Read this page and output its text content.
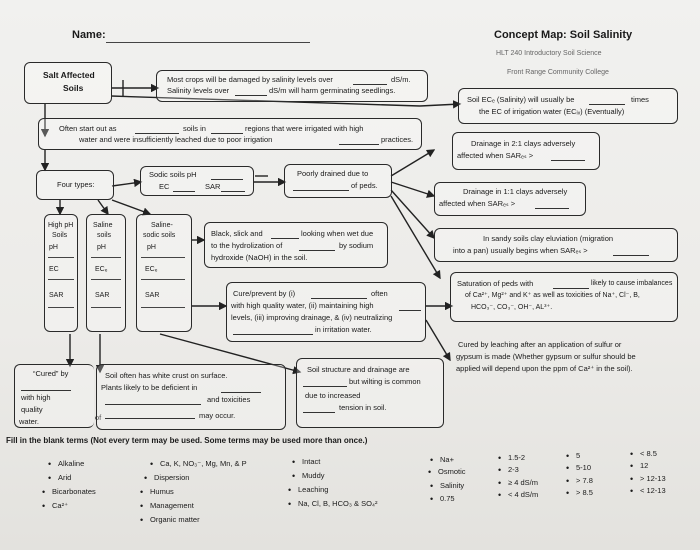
Name:	Concept Map: Soil Salinity
HLT 240 Introductory Soil Science
Front Range Community College
Salt Affected
Soils
Most crops will be damaged by salinity levels over	dS/m.
Salinity levels over	dS/m will harm germinating seedlings.
Soil ECₑ (Salinity) will usually be	times
the EC of irrigation water (ECᵢᵥ) (Eventually)
Often start out as	soils in	regions that were irrigated with high
water and were insufficiently leached due to poor irrigation	practices.	Drainage in 2:1 clays adversely
affected when SARₑₛ >
Four types:
Sodic soils pH
EC	SAR
Poorly drained due to
of peds.
Drainage in 1:1 clays adversely
affected when SARₑₛ >
High pH
Soils
pH
EC
SAR
Saline
soils
pH
ECₑ
SAR
Saline-
sodic soils
pH
ECₑ
SAR
Black, slick and	looking when wet due
to the hydrolization of	by sodium
hydroxide (NaOH) in the soil.
In sandy soils clay eluviation (migration
into a pan) usually begins when SARₑₛ >
Cure/prevent by (i)	often
with high quality water, (ii) maintaining high
levels, (iii) improving drainage, & (iv) neutralizing
in irritation water.
Saturation of peds with	likely to cause imbalances
of Ca²⁺, Mg²⁺ and K⁺ as well as toxicities of Na⁺, Cl⁻, B,
HCO₃⁻, CO₃⁻, OH⁻, AL³⁺.
Cured by leaching after an application of sulfur or
gypsum is made (Whether gypsum or sulfur should be
applied will depend upon the ppm of Ca²⁺ in the soil).
“Cured” by
with high
quality
water.	of
Soil often has white crust on surface.
Plants likely to be deficient in
and toxicities
may occur.
Soil structure and drainage are
but wilting is common
due to increased
tension in soil.
Fill in the blank terms (Not every term may be used. Some terms may be used more than once.)
• Alkaline
• Arid
• Bicarbonates
• Ca²⁺
• Ca, K, NO₃⁻, Mg, Mn, & P
• Dispersion
• Humus
• Management
• Organic matter
• Intact
• Muddy
• Leaching
• Na, Cl, B, HCO₃ & SO₄²
• Na+
• Osmotic
• Salinity
• 0.75
• 1.5-2
• 2-3
• ≥ 4 dS/m
• < 4 dS/m
• 5
• 5-10
• > 7.8
• > 8.5
• < 8.5
• 12
• > 12-13
• < 12-13
